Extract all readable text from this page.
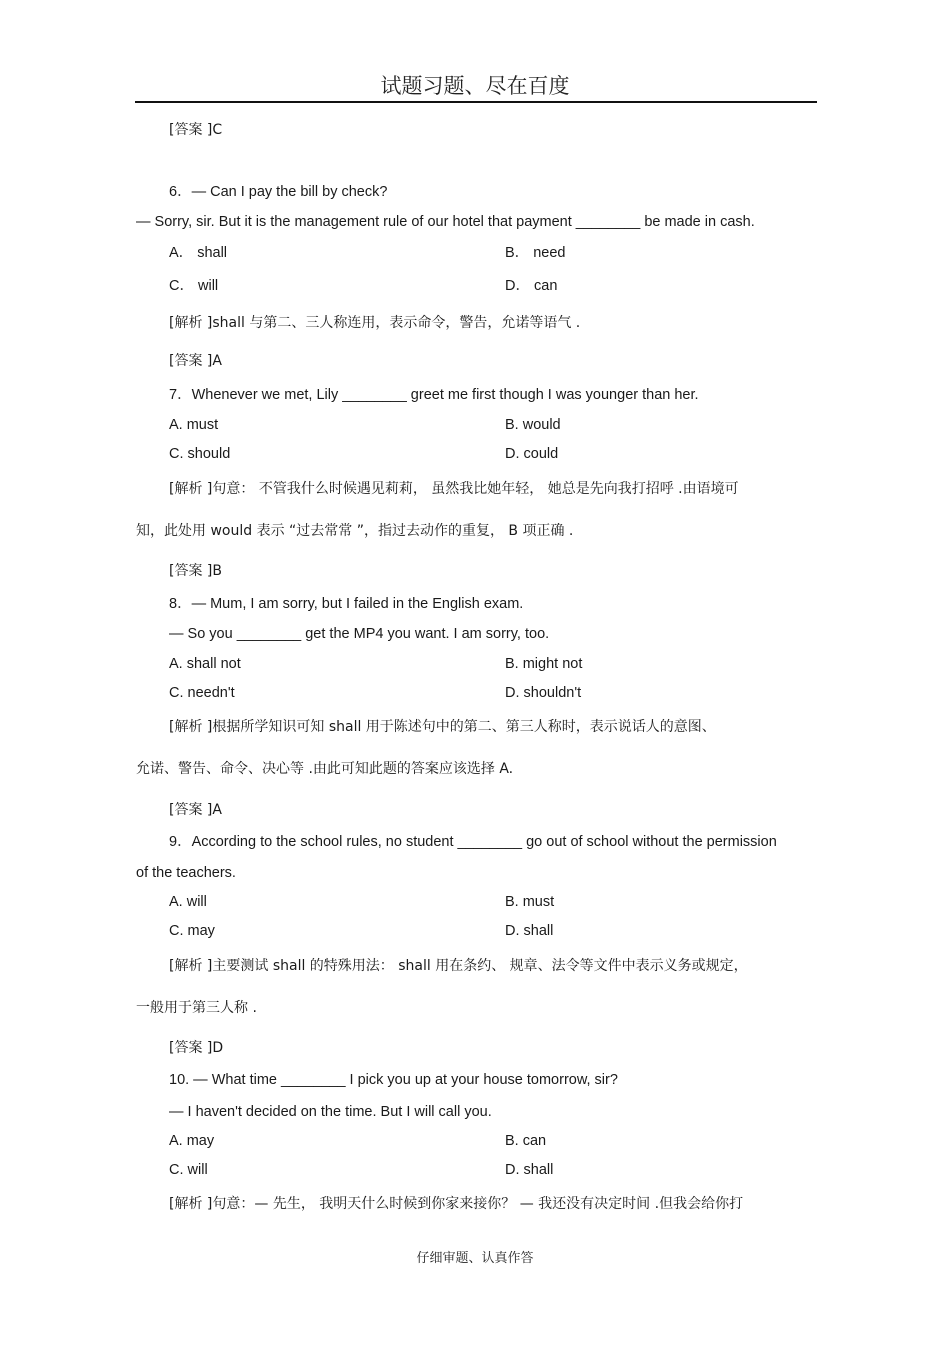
试题习题、尽在百度
[答案 ]C
6．— Can I pay the bill by check?
— Sorry, sir. But it is the management rule of our hotel that payment ________ be made in cash.
A． shall	B． need
C． will	D． can
[解析 ]shall 与第二、三人称连用，表示命令，警告，允诺等语气 .
[答案 ]A
7．Whenever we met, Lily ________ greet me first though I was younger than her.
A. must	B. would
C. should	D. could
[解析 ]句意： 不管我什么时候遇见莉莉， 虽然我比她年轻， 她总是先向我打招呼 .由语境可
知，此处用 would 表示 “过去常常 ”，指过去动作的重复， B 项正确 .
[答案 ]B
8．— Mum, I am sorry, but I failed in the English exam.
— So you ________ get the MP4 you want. I am sorry, too.
A. shall not	B. might not
C. needn't	D. shouldn't
[解析 ]根据所学知识可知 shall 用于陈述句中的第二、第三人称时，表示说话人的意图、
允诺、警告、命令、决心等 .由此可知此题的答案应该选择 A.
[答案 ]A
9．According to the school rules, no student ________ go out of school without the permission
of the teachers.
A. will	B. must
C. may	D. shall
[解析 ]主要测试 shall 的特殊用法： shall 用在条约、 规章、法令等文件中表示义务或规定，
一般用于第三人称 .
[答案 ]D
10. — What time ________ I pick you up at your house tomorrow, sir?
— I haven't decided on the time. But I will call you.
A. may	B. can
C. will	D. shall
[解析 ]句意：— 先生， 我明天什么时候到你家来接你？ — 我还没有决定时间 .但我会给你打
仔细审题、认真作答
